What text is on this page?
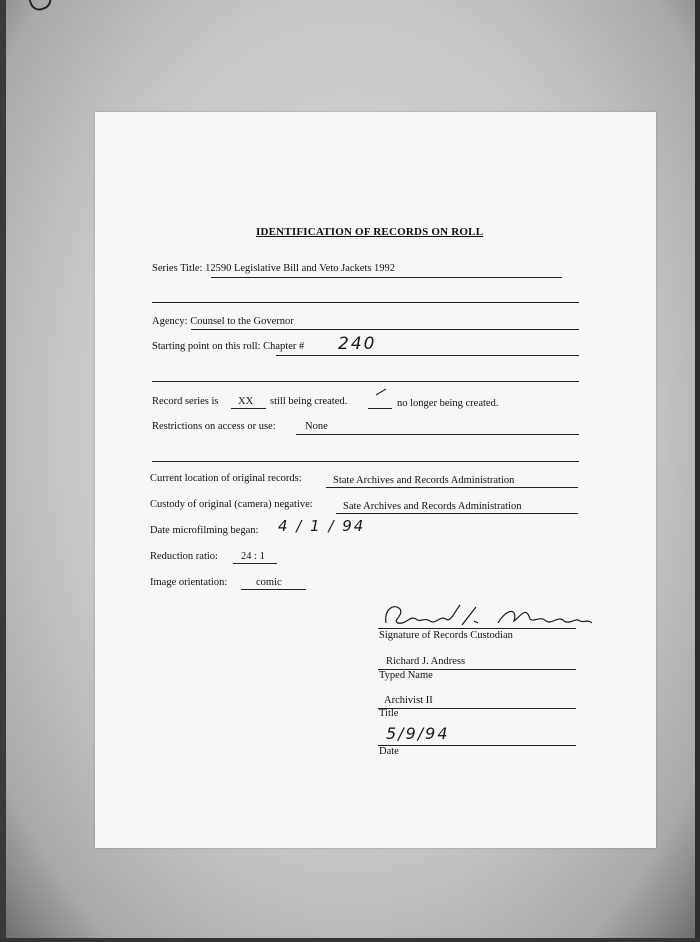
IDENTIFICATION OF RECORDS ON ROLL
Series Title: 12590 Legislative Bill and Veto Jackets 1992
Agency: Counsel to the Governor
Starting point on this roll: Chapter # 240
Record series is XX still being created.	no longer being created.
Restrictions on access or use:	None
Current location of original records:	State Archives and Records Administration
Custody of original (camera) negative:	Sate Archives and Records Administration
Date microfilming began: 4 / 1 / 94
Reduction ratio: 24 : 1
Image orientation:	comic
Signature of Records Custodian
Richard J. Andress
Typed Name
Archivist II
Title
5/9/94
Date
